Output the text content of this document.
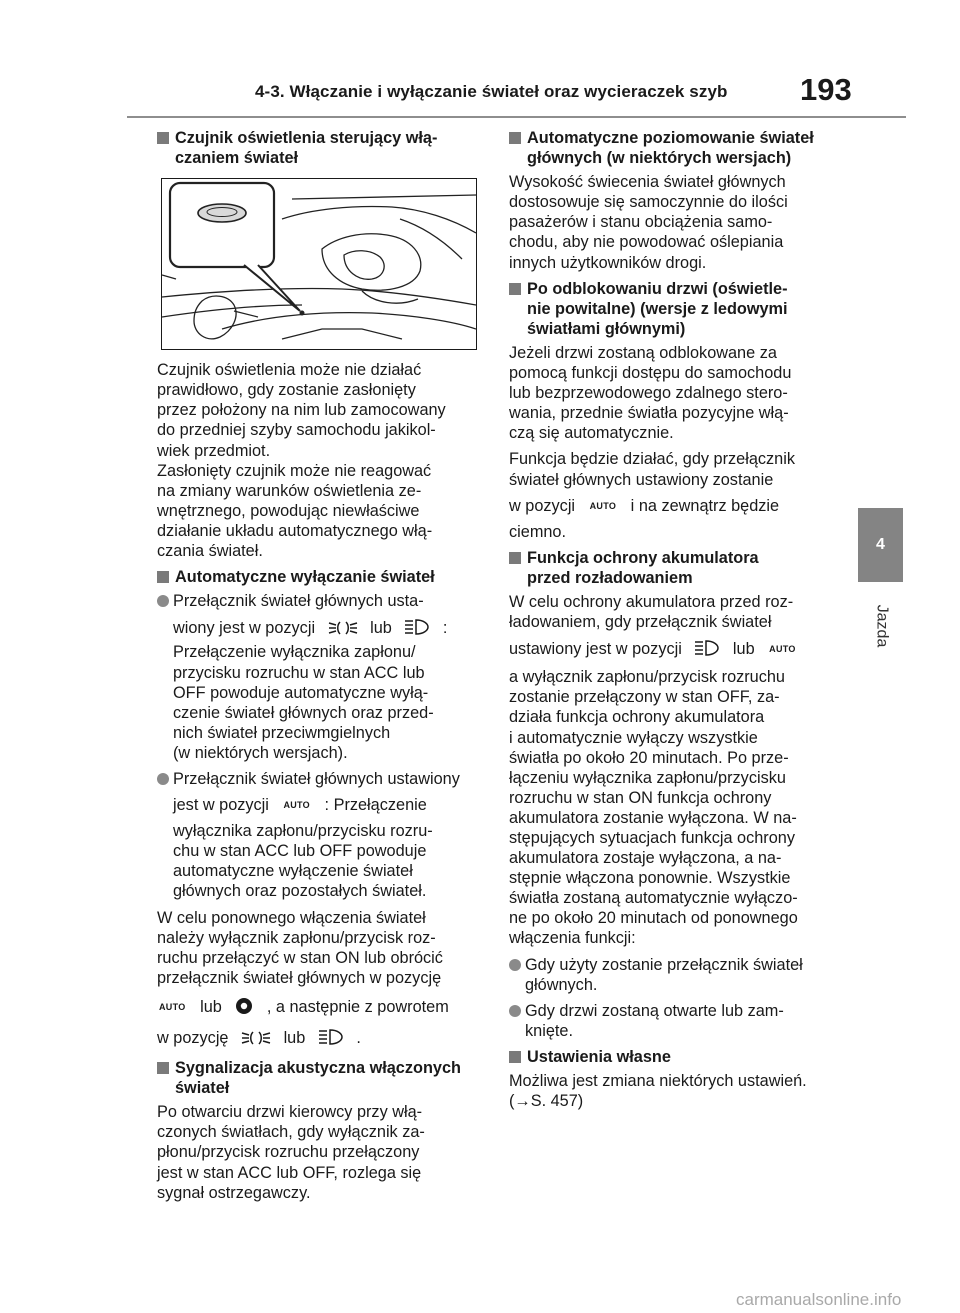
4-3. Włączanie i wyłączanie świateł oraz wycieraczek szyb 193
4
Jazda
Czujnik oświetlenia sterujący włą-
czaniem świateł

Czujnik oświetlenia może nie działać
prawidłowo, gdy zostanie zasłonięty
przez położony na nim lub zamocowany
do przedniej szyby samochodu jakikol-
wiek przedmiot.
Zasłonięty czujnik może nie reagować
na zmiany warunków oświetlenia ze-
wnętrznego, powodując niewłaściwe
działanie układu automatycznego włą-
czania świateł.

Automatyczne wyłączanie świateł
Przełącznik świateł głównych usta-
wiony jest w pozycji	lub	:
Przełączenie wyłącznika zapłonu/
przycisku rozruchu w stan ACC lub
OFF powoduje automatyczne wyłą-
czenie świateł głównych oraz przed-
nich świateł przeciwmgielnych
(w niektórych wersjach).
Przełącznik świateł głównych ustawiony
jest w pozycji AUTO : Przełączenie
wyłącznika zapłonu/przycisku rozru-
chu w stan ACC lub OFF powoduje
automatyczne wyłączenie świateł
głównych oraz pozostałych świateł.

W celu ponownego włączenia świateł
należy wyłącznik zapłonu/przycisk roz-
ruchu przełączyć w stan ON lub obrócić
przełącznik świateł głównych w pozycję

AUTO lub	, a następnie z powrotem
w pozycję	lub	.
Sygnalizacja akustyczna włączonych
świateł

Po otwarciu drzwi kierowcy przy włą-
czonych światłach, gdy wyłącznik za-
płonu/przycisk rozruchu przełączony
jest w stan ACC lub OFF, rozlega się
sygnał ostrzegawczy.

Automatyczne poziomowanie świateł
głównych (w niektórych wersjach)

Wysokość świecenia świateł głównych
dostosowuje się samoczynnie do ilości
pasażerów i stanu obciążenia samo-
chodu, aby nie powodować oślepiania
innych użytkowników drogi.

Po odblokowaniu drzwi (oświetle-
nie powitalne) (wersje z ledowymi
światłami głównymi)

Jeżeli drzwi zostaną odblokowane za
pomocą funkcji dostępu do samochodu
lub bezprzewodowego zdalnego stero-
wania, przednie światła pozycyjne włą-
czą się automatycznie.

Funkcja będzie działać, gdy przełącznik
świateł głównych ustawiony zostanie

w pozycji AUTO i na zewnątrz będzie
ciemno.
Funkcja ochrony akumulatora
przed rozładowaniem

W celu ochrony akumulatora przed roz-
ładowaniem, gdy przełącznik świateł

ustawiony jest w pozycji	lub AUTO

a wyłącznik zapłonu/przycisk rozruchu
zostanie przełączony w stan OFF, za-
działa funkcja ochrony akumulatora
i automatycznie wyłączy wszystkie
światła po około 20 minutach. Po prze-
łączeniu wyłącznika zapłonu/przycisku
rozruchu w stan ON funkcja ochrony
akumulatora zostanie wyłączona. W na-
stępujących sytuacjach funkcja ochrony
akumulatora zostaje wyłączona, a na-
stępnie włączona ponownie. Wszystkie
światła zostaną automatycznie wyłączo-
ne po około 20 minutach od ponownego
włączenia funkcji:

Gdy użyty zostanie przełącznik świateł
głównych.
Gdy drzwi zostaną otwarte lub zam-
knięte.
Ustawienia własne

Możliwa jest zmiana niektórych ustawień.
(→S. 457)

carmanualsonline.info
